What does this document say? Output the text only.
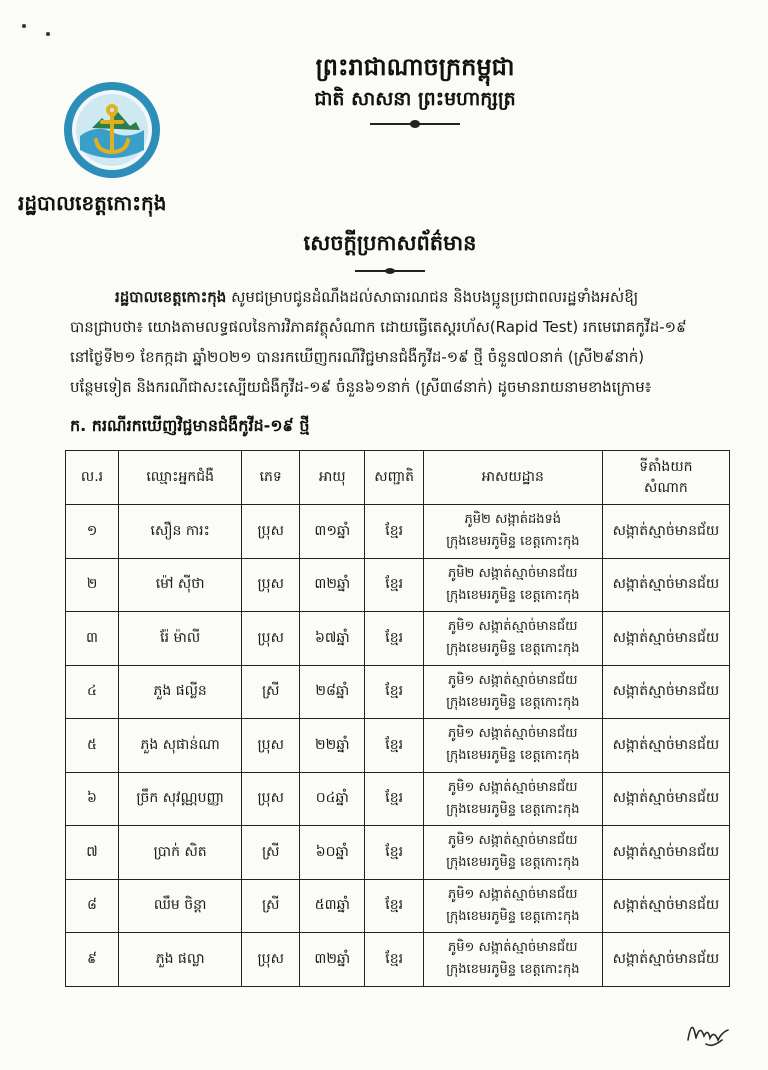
ព្រះរាជាណាចក្រកម្ពុជា
ជាតិ សាសនា ព្រះមហាក្សត្រ
រដ្ឋបាលខេត្តកោះកុង
សេចក្ដីប្រកាសព័ត៌មាន

រដ្ឋបាលខេត្តកោះកុង សូមជម្រាបជូនដំណឹងដល់សាធារណជន និងបងប្អូនប្រជាពលរដ្ឋទាំងអស់ឱ្យ

បានជ្រាបថា៖ យោងតាមលទ្ធផលនៃការវិភាគវត្ថុសំណាក ដោយធ្វើតេស្តរហ័ស(Rapid Test) រកមេរោគកូវីដ-១៩

នៅថ្ងៃទី២១ ខែកក្កដា ឆ្នាំ២០២១ បានរកឃើញករណីវិជ្ជមានជំងឺកូវីដ-១៩ ថ្មី ចំនួន៧០នាក់ (ស្រី២៩នាក់)

បន្ថែមទៀត និងករណីជាសះស្បើយជំងឺកូវីដ-១៩ ចំនួន៦១នាក់ (ស្រី៣៨នាក់) ដូចមានរាយនាមខាងក្រោម៖

ក. ករណីរកឃើញវិជ្ជមានជំងឺកូវីដ-១៩ ថ្មី
ល.រ	ឈ្មោះអ្នកជំងឺ	ភេទ	អាយុ	សញ្ជាតិ	អាសយដ្ឋាន	ទីតាំងយក
សំណាក

១	សឿន ការះ	ប្រុស	៣១ឆ្នាំ	ខ្មែរ	ភូមិ២ សង្កាត់ដងទង់
ក្រុងខេមរភូមិន្ទ ខេត្តកោះកុង	សង្កាត់ស្មាច់មានជ័យ
២	ម៉ៅ ស៊ីថា	ប្រុស	៣២ឆ្នាំ	ខ្មែរ	ភូមិ២ សង្កាត់ស្មាច់មានជ័យ
ក្រុងខេមរភូមិន្ទ ខេត្តកោះកុង	សង្កាត់ស្មាច់មានជ័យ
៣	រ៉ែ ម៉ាលី	ប្រុស	៦៧ឆ្នាំ	ខ្មែរ	ភូមិ១ សង្កាត់ស្មាច់មានជ័យ
ក្រុងខេមរភូមិន្ទ ខេត្តកោះកុង	សង្កាត់ស្មាច់មានជ័យ
៤	ភួង ផល្លីន	ស្រី	២៨ឆ្នាំ	ខ្មែរ	ភូមិ១ សង្កាត់ស្មាច់មានជ័យ
ក្រុងខេមរភូមិន្ទ ខេត្តកោះកុង	សង្កាត់ស្មាច់មានជ័យ
៥	ភួង សុផាន់ណា	ប្រុស	២២ឆ្នាំ	ខ្មែរ	ភូមិ១ សង្កាត់ស្មាច់មានជ័យ
ក្រុងខេមរភូមិន្ទ ខេត្តកោះកុង	សង្កាត់ស្មាច់មានជ័យ
៦	ច្រឹក សុវណ្ណបញ្ញា	ប្រុស	០៤ឆ្នាំ	ខ្មែរ	ភូមិ១ សង្កាត់ស្មាច់មានជ័យ
ក្រុងខេមរភូមិន្ទ ខេត្តកោះកុង	សង្កាត់ស្មាច់មានជ័យ
៧	ប្រាក់ សិត	ស្រី	៦០ឆ្នាំ	ខ្មែរ	ភូមិ១ សង្កាត់ស្មាច់មានជ័យ
ក្រុងខេមរភូមិន្ទ ខេត្តកោះកុង	សង្កាត់ស្មាច់មានជ័យ
៨	ឈឹម ចិន្តា	ស្រី	៥៣ឆ្នាំ	ខ្មែរ	ភូមិ១ សង្កាត់ស្មាច់មានជ័យ
ក្រុងខេមរភូមិន្ទ ខេត្តកោះកុង	សង្កាត់ស្មាច់មានជ័យ
៩	ភួង ផល្លា	ប្រុស	៣២ឆ្នាំ	ខ្មែរ	ភូមិ១ សង្កាត់ស្មាច់មានជ័យ
ក្រុងខេមរភូមិន្ទ ខេត្តកោះកុង	សង្កាត់ស្មាច់មានជ័យ
